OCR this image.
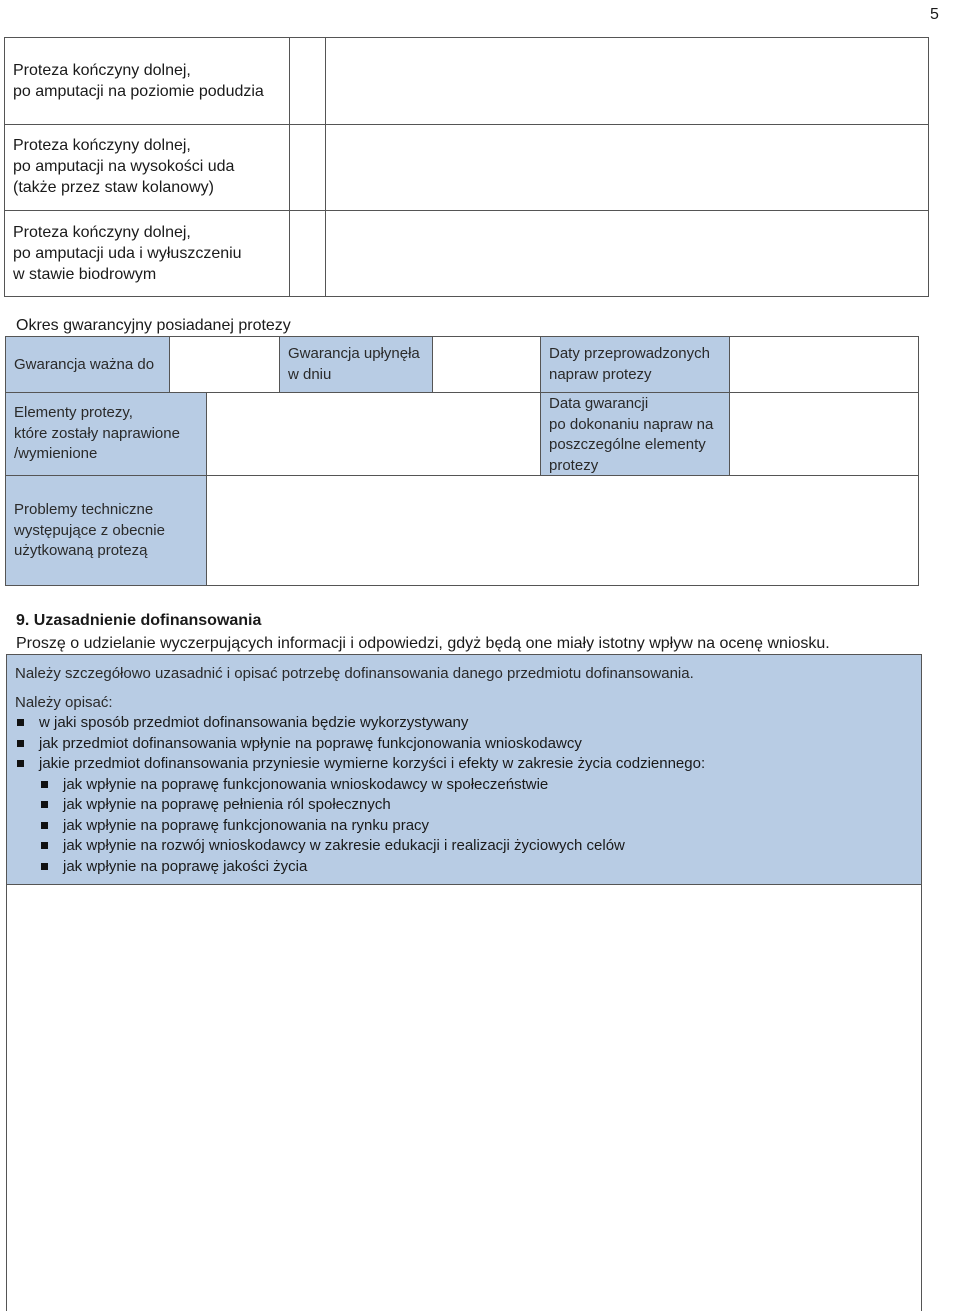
5
Proteza kończyny dolnej,
po amputacji na poziomie podudzia
Proteza kończyny dolnej,
po amputacji na wysokości uda
(także przez staw kolanowy)
Proteza kończyny dolnej,
po amputacji uda i wyłuszczeniu
w stawie biodrowym
Okres gwarancyjny posiadanej protezy
Gwarancja ważna do
Gwarancja upłynęła
w dniu
Daty przeprowadzonych
napraw protezy
Elementy protezy,
które zostały naprawione
/wymienione
Data gwarancji
po dokonaniu napraw na
poszczególne elementy
protezy
Problemy techniczne
występujące z obecnie
użytkowaną protezą
9. Uzasadnienie dofinansowania
Proszę o udzielanie wyczerpujących informacji i odpowiedzi, gdyż będą one miały istotny wpływ na ocenę wniosku.
Należy szczegółowo uzasadnić i opisać potrzebę dofinansowania danego przedmiotu dofinansowania.
Należy opisać:
w jaki sposób przedmiot dofinansowania będzie wykorzystywany
jak przedmiot dofinansowania wpłynie na poprawę funkcjonowania wnioskodawcy
jakie przedmiot dofinansowania przyniesie wymierne korzyści i efekty w zakresie życia codziennego:
jak wpłynie na poprawę funkcjonowania wnioskodawcy w społeczeństwie
jak wpłynie na poprawę pełnienia ról społecznych
jak wpłynie na poprawę funkcjonowania na rynku pracy
jak wpłynie na rozwój wnioskodawcy w zakresie edukacji i realizacji życiowych celów
jak wpłynie na poprawę jakości życia
